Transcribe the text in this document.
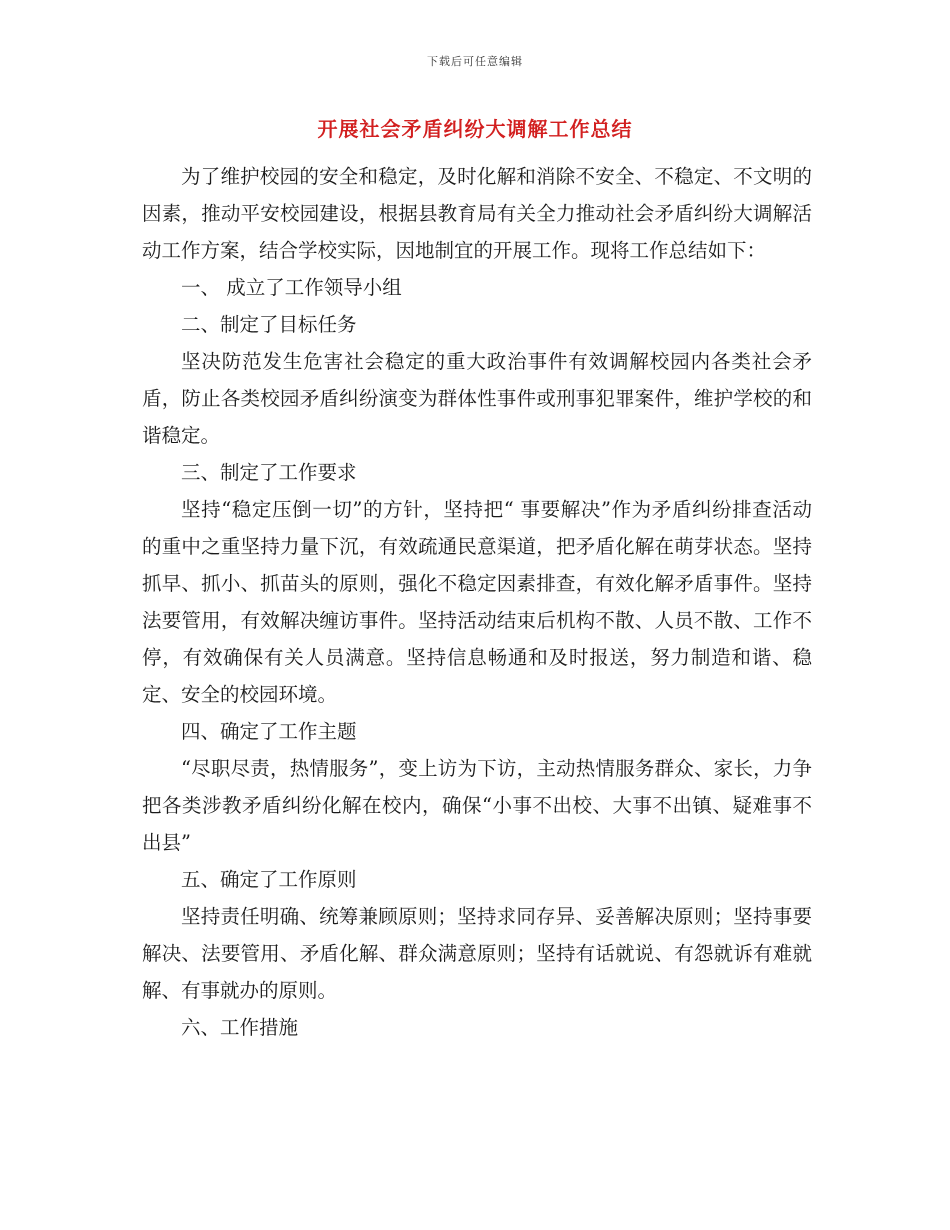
下载后可任意编辑
开展社会矛盾纠纷大调解工作总结

为了维护校园的安全和稳定，及时化解和消除不安全、不稳定、不文明的因素，推动平安校园建设，根据县教育局有关全力推动社会矛盾纠纷大调解活动工作方案，结合学校实际，因地制宜的开展工作。现将工作总结如下：

一、 成立了工作领导小组

二、制定了目标任务

坚决防范发生危害社会稳定的重大政治事件有效调解校园内各类社会矛盾，防止各类校园矛盾纠纷演变为群体性事件或刑事犯罪案件，维护学校的和谐稳定。

三、制定了工作要求

坚持“稳定压倒一切”的方针，坚持把“ 事要解决”作为矛盾纠纷排查活动的重中之重坚持力量下沉，有效疏通民意渠道，把矛盾化解在萌芽状态。坚持抓早、抓小、抓苗头的原则，强化不稳定因素排查，有效化解矛盾事件。坚持法要管用，有效解决缠访事件。坚持活动结束后机构不散、人员不散、工作不停，有效确保有关人员满意。坚持信息畅通和及时报送，努力制造和谐、稳定、安全的校园环境。

四、确定了工作主题

“尽职尽责，热情服务”，变上访为下访，主动热情服务群众、家长，力争把各类涉教矛盾纠纷化解在校内，确保“小事不出校、大事不出镇、疑难事不出县”

五、确定了工作原则

坚持责任明确、统筹兼顾原则；坚持求同存异、妥善解决原则；坚持事要解决、法要管用、矛盾化解、群众满意原则；坚持有话就说、有怨就诉有难就解、有事就办的原则。

六、工作措施
